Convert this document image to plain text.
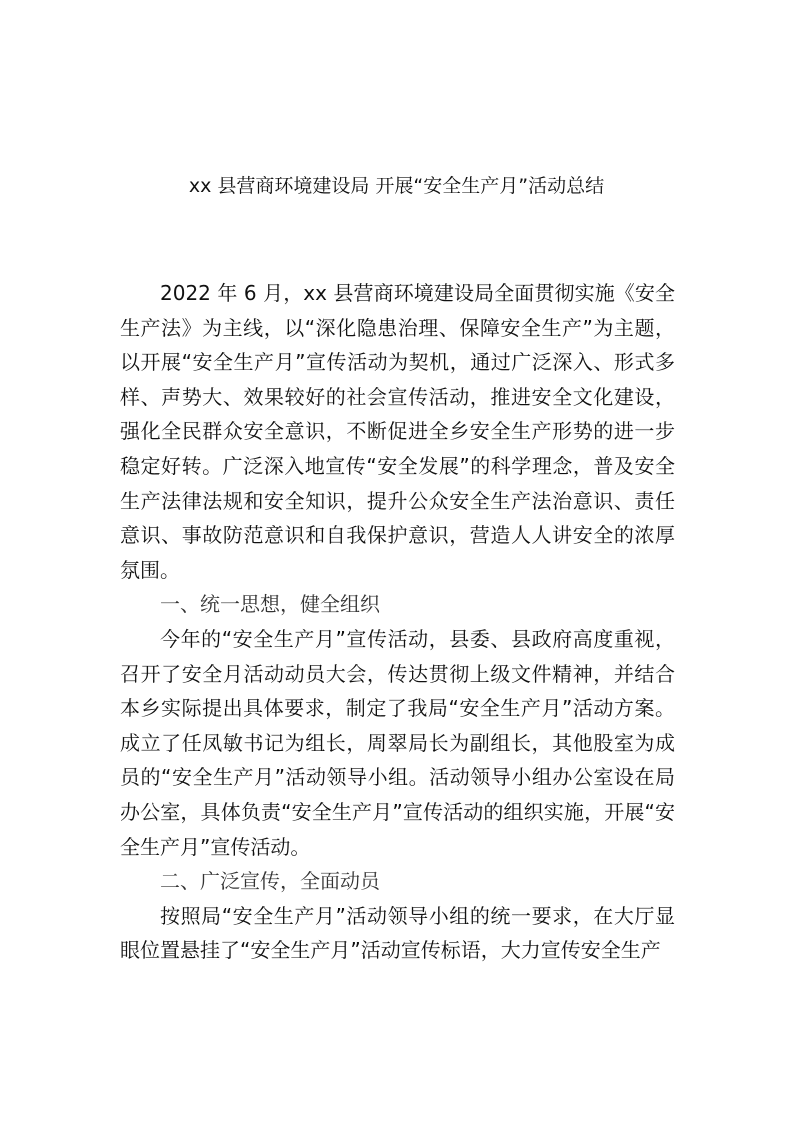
xx 县营商环境建设局 开展“安全生产月”活动总结

2022 年 6 月，xx 县营商环境建设局全面贯彻实施《安全生产法》为主线，以“深化隐患治理、保障安全生产”为主题，以开展“安全生产月”宣传活动为契机，通过广泛深入、形式多样、声势大、效果较好的社会宣传活动，推进安全文化建设，强化全民群众安全意识，不断促进全乡安全生产形势的进一步稳定好转。广泛深入地宣传“安全发展”的科学理念，普及安全生产法律法规和安全知识，提升公众安全生产法治意识、责任意识、事故防范意识和自我保护意识，营造人人讲安全的浓厚氛围。

一、统一思想，健全组织

今年的“安全生产月”宣传活动，县委、县政府高度重视，召开了安全月活动动员大会，传达贯彻上级文件精神，并结合本乡实际提出具体要求，制定了我局“安全生产月”活动方案。成立了任凤敏书记为组长，周翠局长为副组长，其他股室为成员的“安全生产月”活动领导小组。活动领导小组办公室设在局办公室，具体负责“安全生产月”宣传活动的组织实施，开展“安全生产月”宣传活动。

二、广泛宣传，全面动员

按照局“安全生产月”活动领导小组的统一要求，在大厅显眼位置悬挂了“安全生产月”活动宣传标语，大力宣传安全生产
